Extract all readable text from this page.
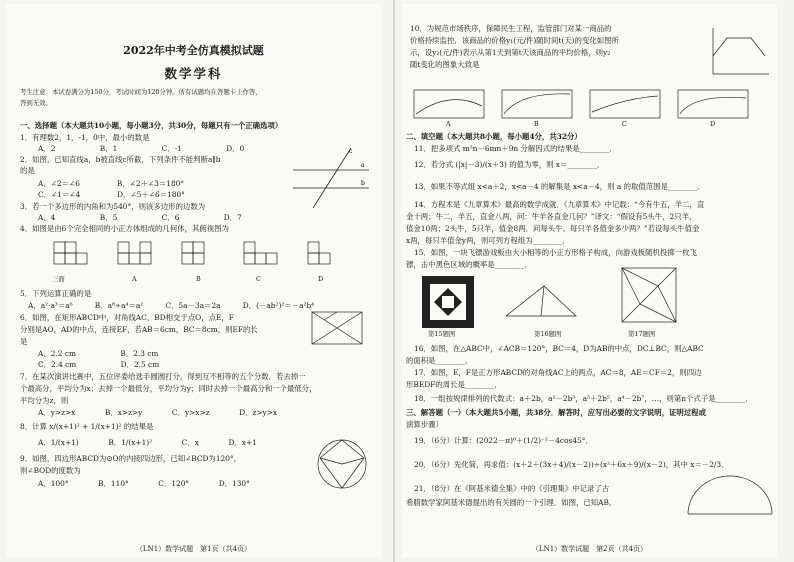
2022年中考全仿真模拟试题
数学学科
考生注意：本试卷满分为150分，考试时间为120分钟。所有试题均在答题卡上作答，
答到无效。
一、选择题（本大题共10小题，每小题3分，共30分，每题只有一个正确选项）
1．有理数2，1，-1，0中，最小的数是
A．2　　　　　　B．1　　　　　　C．-1　　　　　　D．0
2．如图，已知直线a，b被直线c所截，下列条件不能判断a∥b
的是
A．∠2＝∠6　　　　　B．∠2＋∠3＝180°
C．∠1＝∠4　　　　　D．∠5＋∠6＝180°
3．若一个多边形的内角和为540°，则该多边形的边数为
A．4　　　　　　B．5　　　　　　C．6　　　　　　D．7
4．如图是由6个完全相同的小正方体组成的几何体，其俯视图为
a
b
c
三面	A	B	C	D
5．下列运算正确的是
A．a²·a³＝a⁶　　　B．a⁸÷a⁴＝a²　　　C．5a－3a＝2a　　　D．(－ab²)²＝－a²b⁴
6．如图，在矩形ABCD中，对角线AC，BD相交于点O，点E，F
分别是AO，AD的中点，连接EF，若AB＝6cm，BC＝8cm，则EF的长
是
A．2.2 cm　　　　　　B．2.3 cm
C．2.4 cm　　　　　　D．2.5 cm
7．在某次演讲比赛中，五位评委给选手圆圆打分，得到互不相等的五个分数．若去掉一
个最高分，平均分为x；去掉一个最低分，平均分为y；同时去掉一个最高分和一个最低分，
平均分为z，则
A．y>z>x　　　　B．x>z>y　　　　C．y>x>z　　　　D．z>y>x
8．计算 x/(x+1)² + 1/(x+1)² 的结果是
A．1/(x+1)　　　　B．1/(x+1)²　　　　C．x　　　　D．x+1
9．如图，四边形ABCD为⊙O的内接四边形，已知∠BCD为120°，
则∠BOD的度数为
A．100°　　　　B．110°　　　　C．120°　　　　D．130°
（LN1）数学试题　第1页（共4页）
10．为规范市场秩序，保障民生工程，监管部门对某一商品的
价格持续监控．该商品的价格y₁(元/件)随时间t(天)的变化如图所
示，设y₂(元/件)表示从第1天到第t天该商品的平均价格，则y₂
随t变化的图象大致是
A	B	C	D
二、填空题（本大题共8小题，每小题4分，共32分）
11．把多项式 m²n－6mn＋9n 分解因式的结果是________．
12．若分式 (|x|－3)/(x＋3) 的值为零，则 x＝________．
13．如果不等式组 x<a＋2，x<a－4 的解集是 x<a－4，则 a 的取值范围是________．
14．方程术是《九章算术》最高的数学成就．《九章算术》中记载：“今有牛五，羊二，直
金十两；牛二，羊五，直金八两，问：牛羊各直金几何？”译文：“假设有5头牛，2只羊，
值金10两；2头牛，5只羊，值金8两．问每头牛、每只羊各值金多少两？”若设每头牛值金
x两，每只羊值金y两，则可列方程组为________．
15．如图，一块飞镖游戏板由大小相等的小正方形格子构成，向游戏板随机投掷一枚飞
镖，击中黑色区域的概率是________．
第15题图	第16题图	第17题图
16．如图，在△ABC中，∠ACB＝120°，BC＝4，D为AB的中点，DC⊥BC，则△ABC
的面积是________．
17．如图，E，F是正方形ABCD的对角线AC上的两点，AC＝8，AE＝CF＝2，则四边
形BEDF的周长是________．
18．一组按规律排列的代数式：a＋2b，a²－2b³，a³＋2b⁵，a⁴－2b⁷，…，则第n个式子是________．
三、解答题（一）（本大题共5小题，共38分．解答时，应写出必要的文字说明，证明过程或
演算步骤）
19．（6分）计算：(2022－π)⁰＋(1/2)⁻²－4cos45°．
20．（6分）先化简，再求值：(x＋2＋(3x＋4)/(x－2))÷(x²＋6x＋9)/(x－2)，其中 x＝－2/3．
21．（8分）在《阿基米德全集》中的《引理集》中记录了古
希腊数学家阿基米德提出的有关圆的一个引理．如图，已知AB，
（LN1）数学试题　第2页（共4页）
